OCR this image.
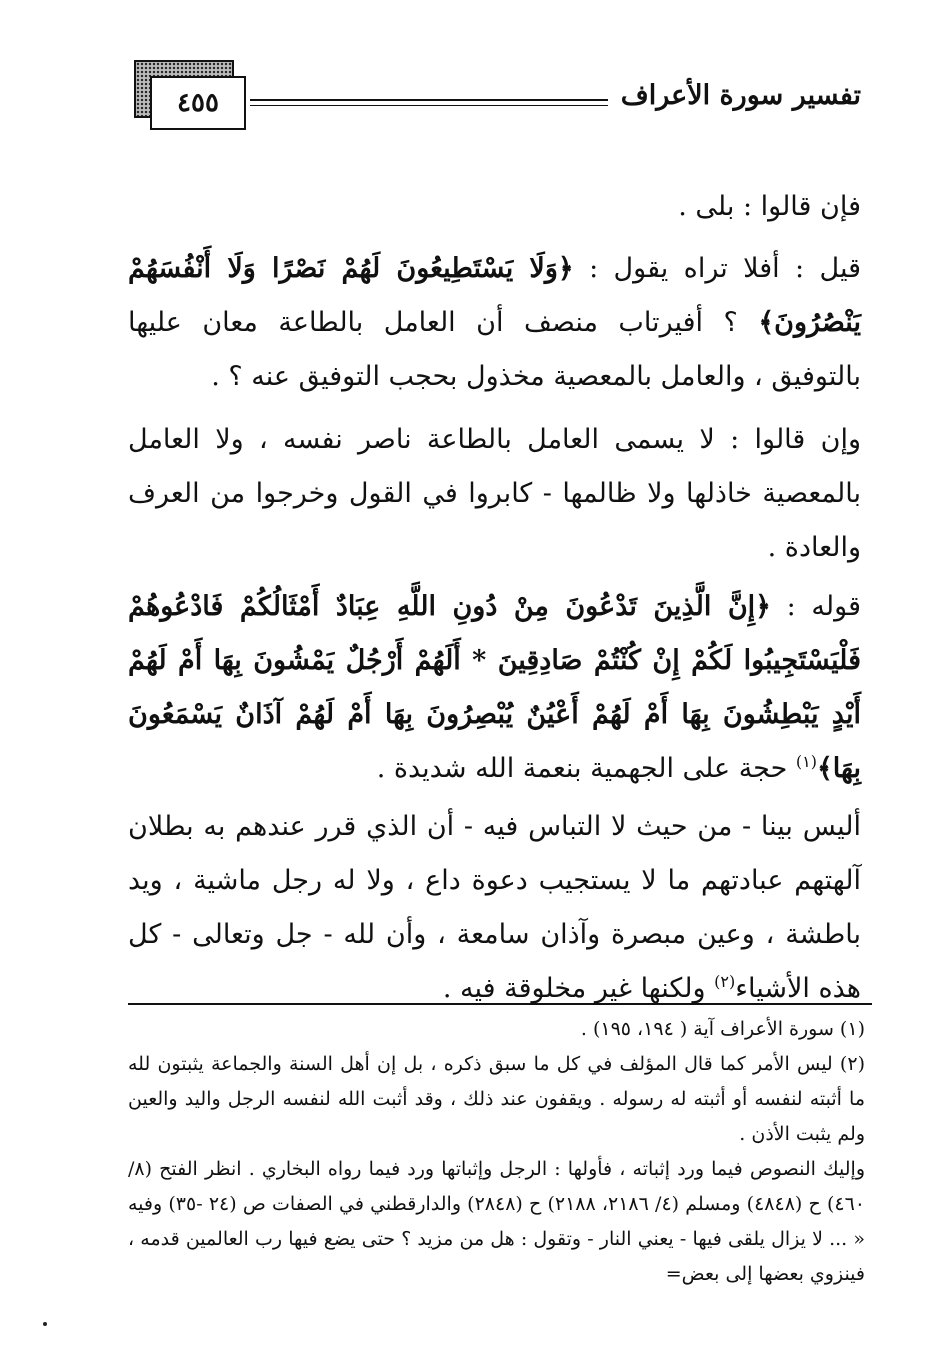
٤٥٥	تفسير سورة الأعراف
فإن قالوا : بلى .
قيل : أفلا تراه يقول : ﴿وَلَا يَسْتَطِيعُونَ لَهُمْ نَصْرًا وَلَا أَنْفُسَهُمْ يَنْصُرُونَ﴾ ؟ أفيرتاب منصف أن العامل بالطاعة معان عليها بالتوفيق ، والعامل بالمعصية مخذول بحجب التوفيق عنه ؟ .
وإن قالوا : لا يسمى العامل بالطاعة ناصر نفسه ، ولا العامل بالمعصية خاذلها ولا ظالمها - كابروا في القول وخرجوا من العرف والعادة .
قوله : ﴿إِنَّ الَّذِينَ تَدْعُونَ مِنْ دُونِ اللَّهِ عِبَادٌ أَمْثَالُكُمْ فَادْعُوهُمْ فَلْيَسْتَجِيبُوا لَكُمْ إِنْ كُنْتُمْ صَادِقِينَ * أَلَهُمْ أَرْجُلٌ يَمْشُونَ بِهَا أَمْ لَهُمْ أَيْدٍ يَبْطِشُونَ بِهَا أَمْ لَهُمْ أَعْيُنٌ يُبْصِرُونَ بِهَا أَمْ لَهُمْ آذَانٌ يَسْمَعُونَ بِهَا﴾$^{(١)}$ حجة على الجهمية بنعمة الله شديدة .
أليس بينا - من حيث لا التباس فيه - أن الذي قرر عندهم به بطلان آلهتهم عبادتهم ما لا يستجيب دعوة داع ، ولا له رجل ماشية ، ويد باطشة ، وعين مبصرة وآذان سامعة ، وأن لله - جل وتعالى - كل هذه الأشياء$^{(٢)}$ ولكنها غير مخلوقة فيه .

(١) سورة الأعراف آية ( ١٩٤، ١٩٥) .

(٢) ليس الأمر كما قال المؤلف في كل ما سبق ذكره ، بل إن أهل السنة والجماعة يثبتون لله ما أثبته لنفسه أو أثبته له رسوله . ويقفون عند ذلك ، وقد أثبت الله لنفسه الرجل واليد والعين ولم يثبت الأذن .

وإليك النصوص فيما ورد إثباته ، فأولها : الرجل وإثباتها ورد فيما رواه البخاري . انظر الفتح (٨/ ٤٦٠) ح (٤٨٤٨) ومسلم (٤/ ٢١٨٦، ٢١٨٨) ح (٢٨٤٨) والدارقطني في الصفات ص (٢٤ -٣٥) وفيه « ... لا يزال يلقى فيها - يعني النار - وتقول : هل من مزيد ؟ حتى يضع فيها رب العالمين قدمه ، فينزوي بعضها إلى بعض=
